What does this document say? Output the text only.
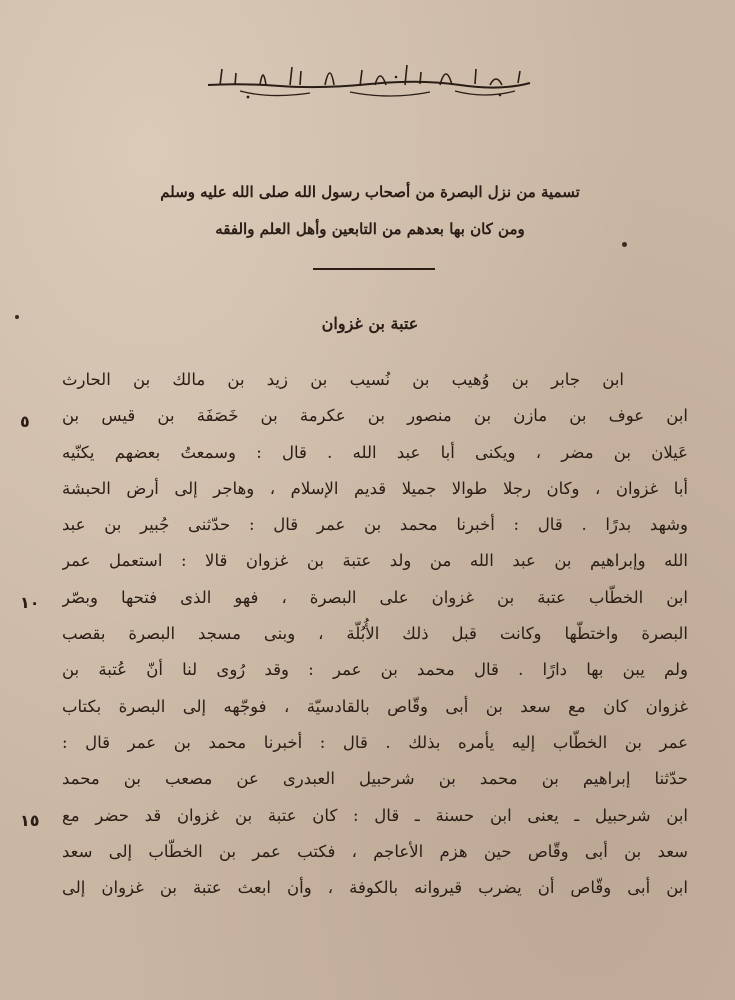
تسمية من نزل البصرة من أصحاب رسول الله صلى الله عليه وسلم
ومن كان بها بعدهم من التابعين وأهل العلم والفقه
عتبة بن غزوان
ابن جابر بن وُهيب بن نُسيب بن زيد بن مالك بن الحارث
ابن عوف بن مازن بن منصور بن عكرمة بن خَصَفَة بن قيس بن
عَيلان بن مضر ، ويكنى أبا عبد الله . قال : وسمعتُ بعضهم يكنّيه
أبا غزوان ، وكان رجلا طوالا جميلا قديم الإسلام ، وهاجر إلى أرض الحبشة
وشهد بدرًا . قال : أخبرنا محمد بن عمر قال : حدّثنى جُبير بن عبد
الله وإبراهيم بن عبد الله من ولد عتبة بن غزوان قالا : استعمل عمر
ابن الخطّاب عتبة بن غزوان على البصرة ، فهو الذى فتحها وبصّر
البصرة واختطّها وكانت قبل ذلك الأُبُلّة ، وبنى مسجد البصرة بقصب
ولم يبن بها دارًا . قال محمد بن عمر : وقد رُوى لنا أنّ عُتبة بن
غزوان كان مع سعد بن أبى وقّاص بالقادسيّة ، فوجّهه إلى البصرة بكتاب
عمر بن الخطّاب إليه يأمره بذلك . قال : أخبرنا محمد بن عمر قال :
حدّثنا إبراهيم بن محمد بن شرحبيل العبدرى عن مصعب بن محمد
ابن شرحبيل ـ يعنى ابن حسنة ـ قال : كان عتبة بن غزوان قد حضر مع
سعد بن أبى وقّاص حين هزم الأعاجم ، فكتب عمر بن الخطّاب إلى سعد
ابن أبى وقّاص أن يضرب قيروانه بالكوفة ، وأن ابعث عتبة بن غزوان إلى
٥
١٠
١٥
